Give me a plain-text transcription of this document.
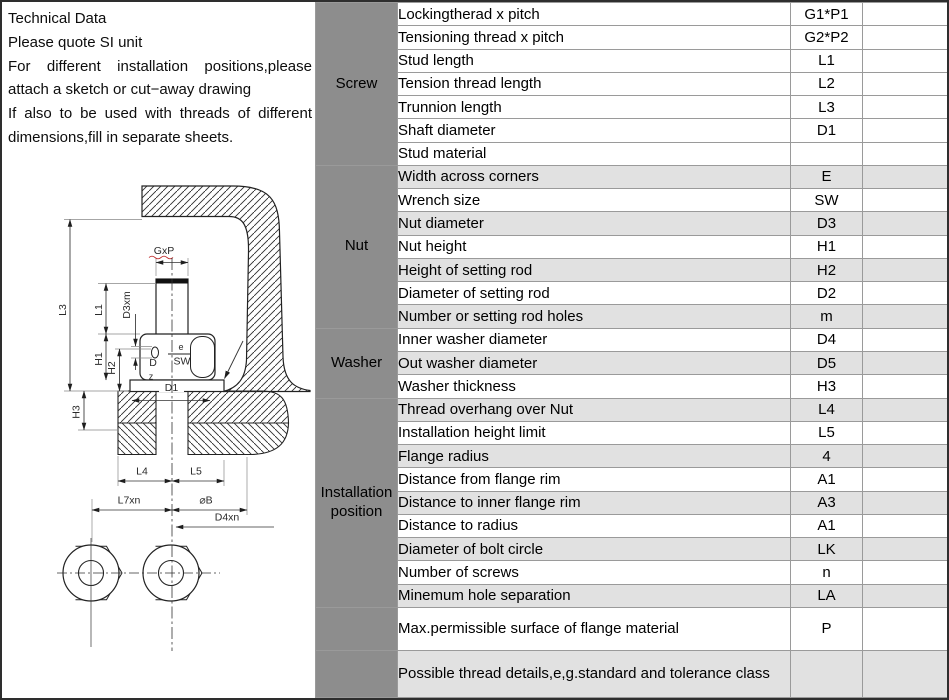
Technical Data
Please quote SI unit
For different installation positions,please
attach a sketch or cut−away drawing
If also to be used with threads of different
dimensions,fill in separate sheets.
GxP
L3 L1
H1
H2
D3xm
H3
D1
D SW
e
z
L4	L5
L7xn	⌀B
D4xn
Screw	Lockingtherad x pitch	G1*P1	
	Tensioning thread x pitch	G2*P2	
	Stud length	L1	
	Tension thread length	L2	
	Trunnion length	L3	
	Shaft diameter	D1	
	Stud material		
Nut	Width across corners	E	
	Wrench size	SW	
	Nut diameter	D3	
	Nut height	H1	
	Height of setting rod	H2	
	Diameter of setting rod	D2	
	Number or setting rod holes	m	
Washer	Inner washer diameter	D4	
	Out washer diameter	D5	
	Washer thickness	H3	
Installation position	Thread overhang over Nut	L4	
	Installation height limit	L5	
	Flange radius	4	
	Distance from flange rim	A1	
	Distance to inner flange rim	A3	
	Distance to radius	A1	
	Diameter of bolt circle	LK	
	Number of screws	n	
	Minemum hole separation	LA	
	Max.permissible surface of flange material	P	
	Possible thread details,e,g.standard and tolerance class		
